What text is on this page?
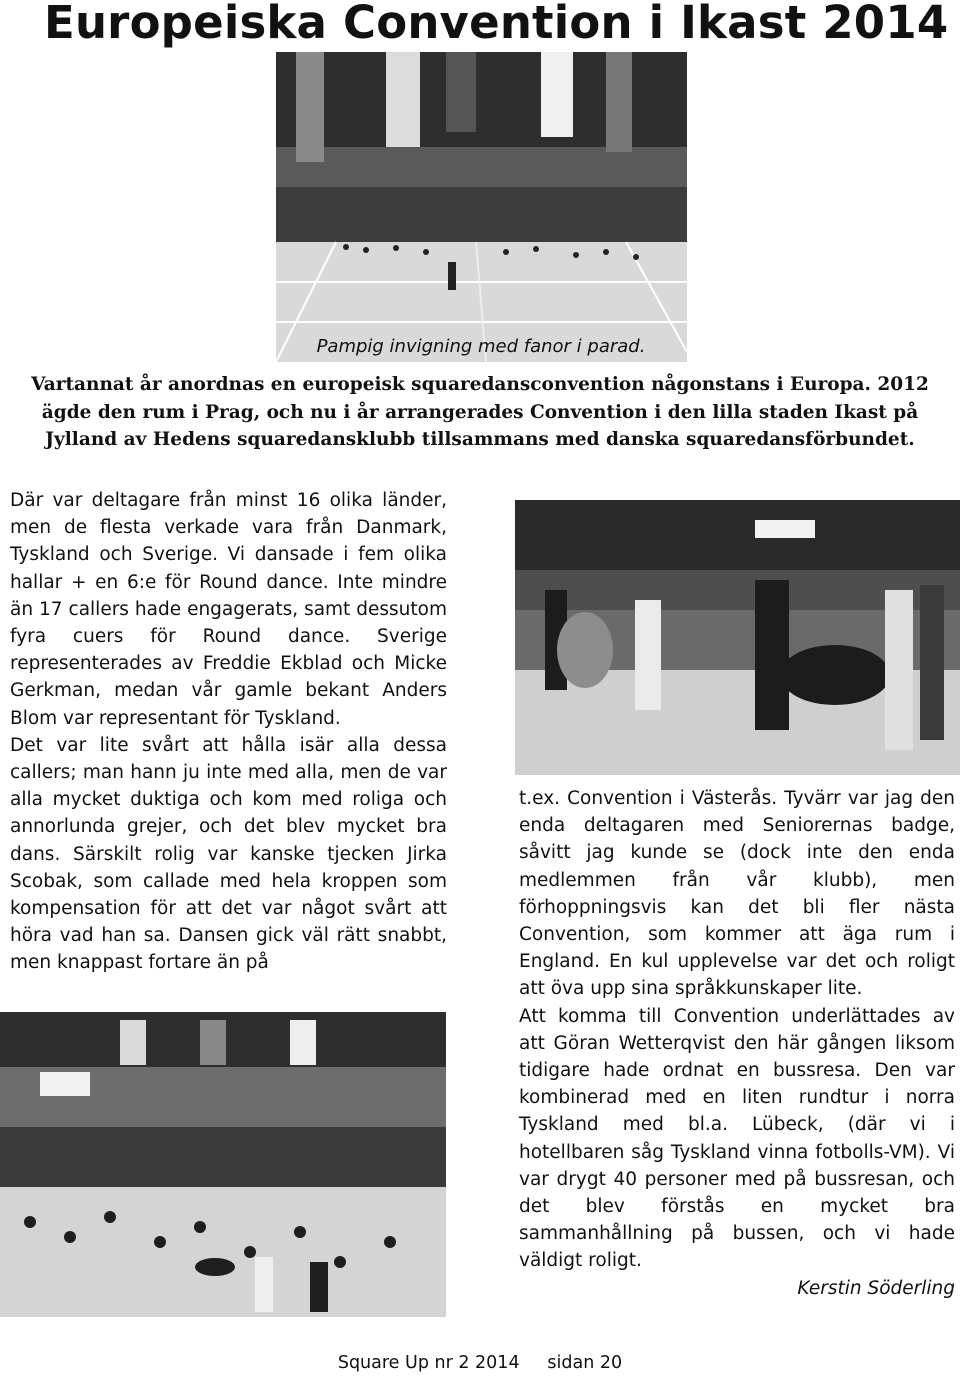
Europeiska Convention i Ikast 2014
Pampig invigning med fanor i parad.

Vartannat år anordnas en europeisk squaredansconvention någonstans i Europa. 2012 ägde den rum i Prag, och nu i år arrangerades Convention i den lilla staden Ikast på Jylland av Hedens squaredansklubb tillsammans med danska squaredansförbundet.

Där var deltagare från minst 16 olika länder, men de flesta verkade vara från Danmark, Tyskland och Sverige. Vi dansade i fem olika hallar + en 6:e för Round dance. Inte mindre än 17 callers hade engagerats, samt dessutom fyra cuers för Round dance. Sverige representerades av Freddie Ekblad och Micke Gerkman, medan vår gamle bekant Anders Blom var representant för Tyskland.

Det var lite svårt att hålla isär alla dessa callers; man hann ju inte med alla, men de var alla mycket duktiga och kom med roliga och annorlunda grejer, och det blev mycket bra dans. Särskilt rolig var kanske tjecken Jirka Scobak, som callade med hela kroppen som kompensation för att det var något svårt att höra vad han sa. Dansen gick väl rätt snabbt, men knappast fortare än på

t.ex. Convention i Västerås. Tyvärr var jag den enda deltagaren med Seniorernas badge, såvitt jag kunde se (dock inte den enda medlemmen från vår klubb), men förhoppningsvis kan det bli fler nästa Convention, som kommer att äga rum i England. En kul upplevelse var det och roligt att öva upp sina språkkunskaper lite.

Att komma till Convention underlättades av att Göran Wetterqvist den här gången liksom tidigare hade ordnat en bussresa. Den var kombinerad med en liten rundtur i norra Tyskland med bl.a. Lübeck, (där vi i hotellbaren såg Tyskland vinna fotbolls-VM). Vi var drygt 40 personer med på bussresan, och det blev förstås en mycket bra sammanhållning på bussen, och vi hade väldigt roligt.

Kerstin Söderling

Square Up nr 2 2014 sidan 20
